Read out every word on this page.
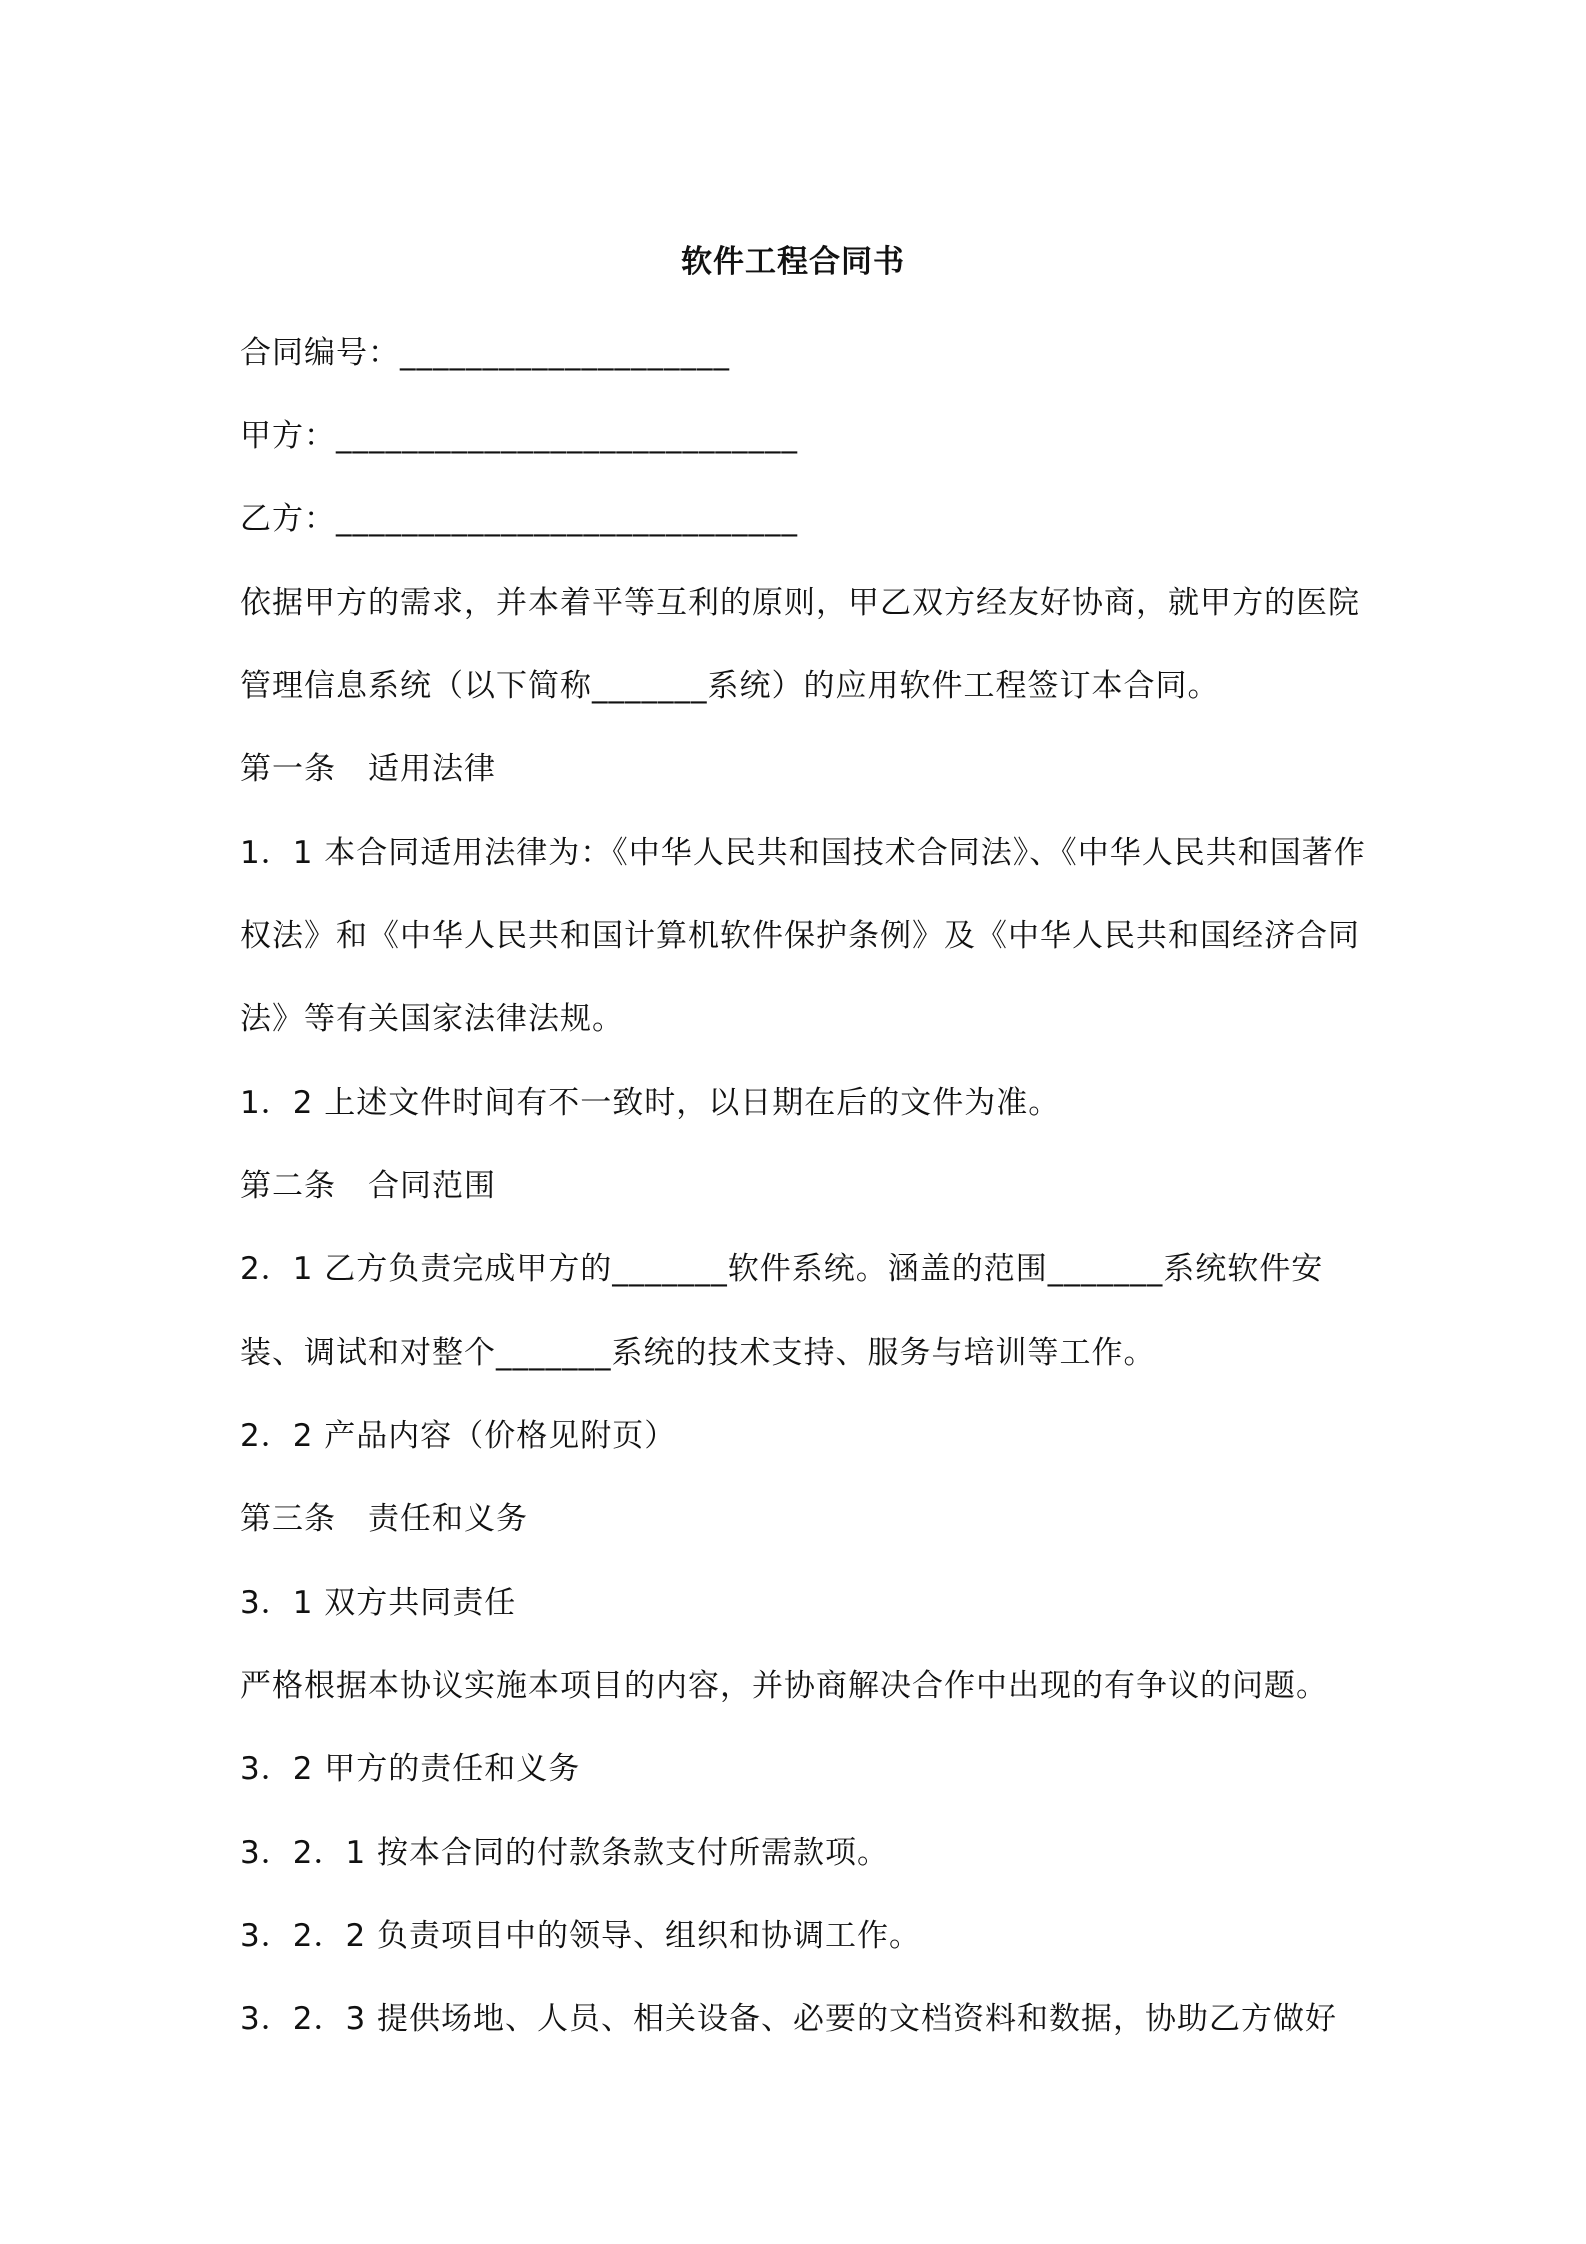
软件工程合同书
合同编号：____________________
甲方：____________________________
乙方：____________________________
依据甲方的需求，并本着平等互利的原则，甲乙双方经友好协商，就甲方的医院
管理信息系统（以下简称_______系统）的应用软件工程签订本合同。
第一条　适用法律
1．1 本合同适用法律为：《中华人民共和国技术合同法》、《中华人民共和国著作
权法》和《中华人民共和国计算机软件保护条例》及《中华人民共和国经济合同
法》等有关国家法律法规。
1．2 上述文件时间有不一致时，以日期在后的文件为准。
第二条　合同范围
2．1 乙方负责完成甲方的_______软件系统。涵盖的范围_______系统软件安
装、调试和对整个_______系统的技术支持、服务与培训等工作。
2．2 产品内容（价格见附页）
第三条　责任和义务
3．1 双方共同责任
严格根据本协议实施本项目的内容，并协商解决合作中出现的有争议的问题。
3．2 甲方的责任和义务
3．2．1 按本合同的付款条款支付所需款项。
3．2．2 负责项目中的领导、组织和协调工作。
3．2．3 提供场地、人员、相关设备、必要的文档资料和数据，协助乙方做好
